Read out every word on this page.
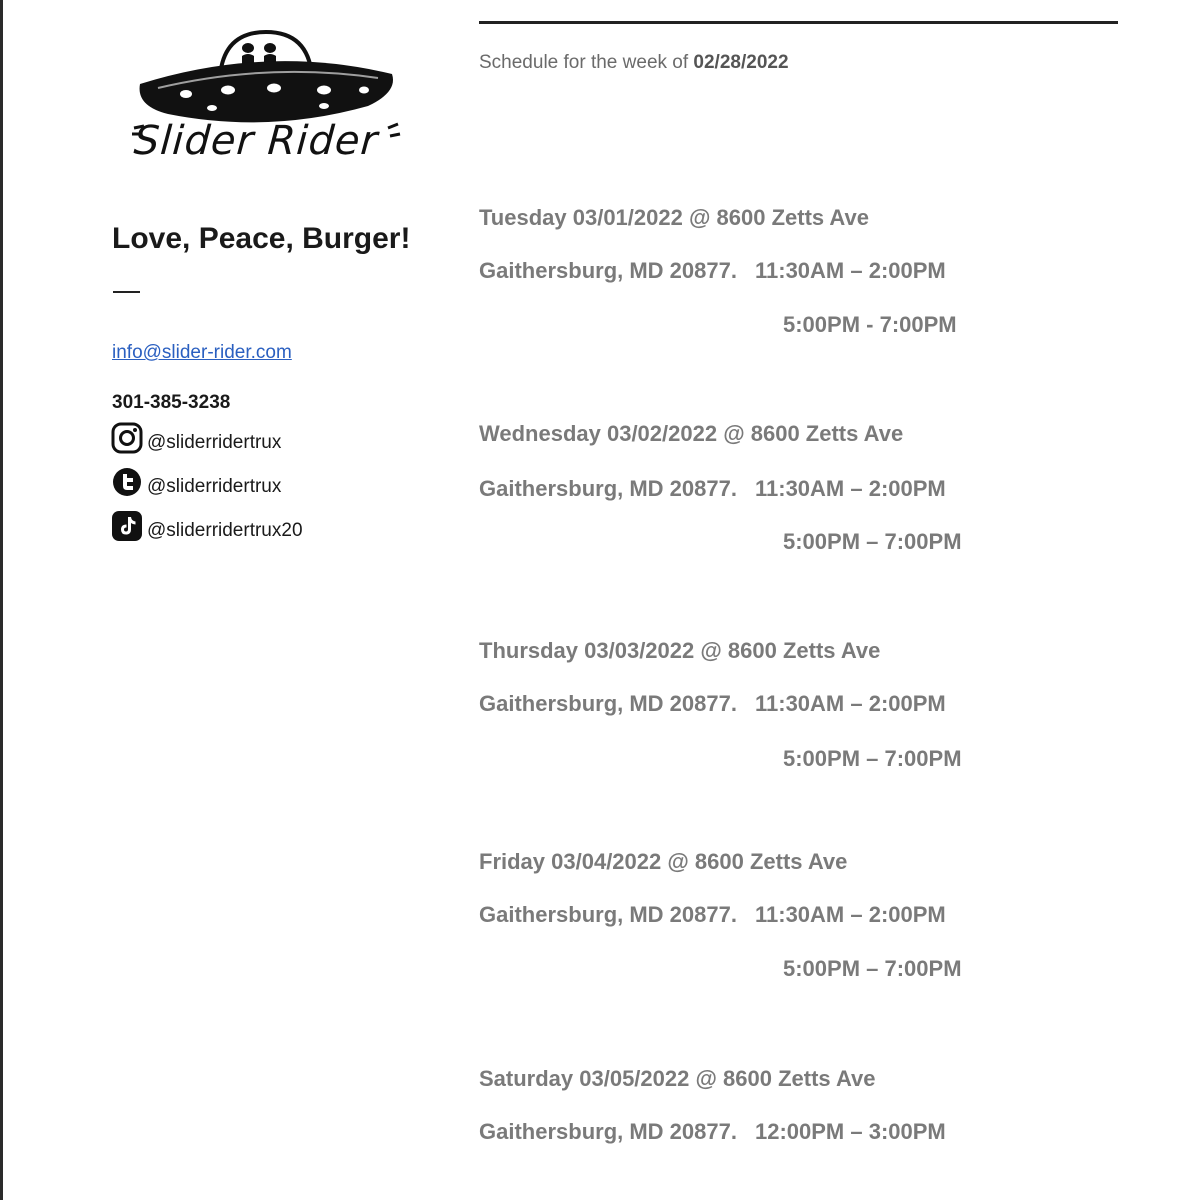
Slider Rider
Love, Peace, Burger!
info@slider-rider.com
301-385-3238
@sliderridertrux
@sliderridertrux
@sliderridertrux20
Schedule for the week of 02/28/2022
Tuesday 03/01/2022 @ 8600 Zetts Ave
Gaithersburg, MD 20877. 11:30AM – 2:00PM
5:00PM - 7:00PM
Wednesday 03/02/2022 @ 8600 Zetts Ave
Gaithersburg, MD 20877. 11:30AM – 2:00PM
5:00PM – 7:00PM
Thursday 03/03/2022 @ 8600 Zetts Ave
Gaithersburg, MD 20877. 11:30AM – 2:00PM
5:00PM – 7:00PM
Friday 03/04/2022 @ 8600 Zetts Ave
Gaithersburg, MD 20877. 11:30AM – 2:00PM
5:00PM – 7:00PM
Saturday 03/05/2022 @ 8600 Zetts Ave
Gaithersburg, MD 20877. 12:00PM – 3:00PM
